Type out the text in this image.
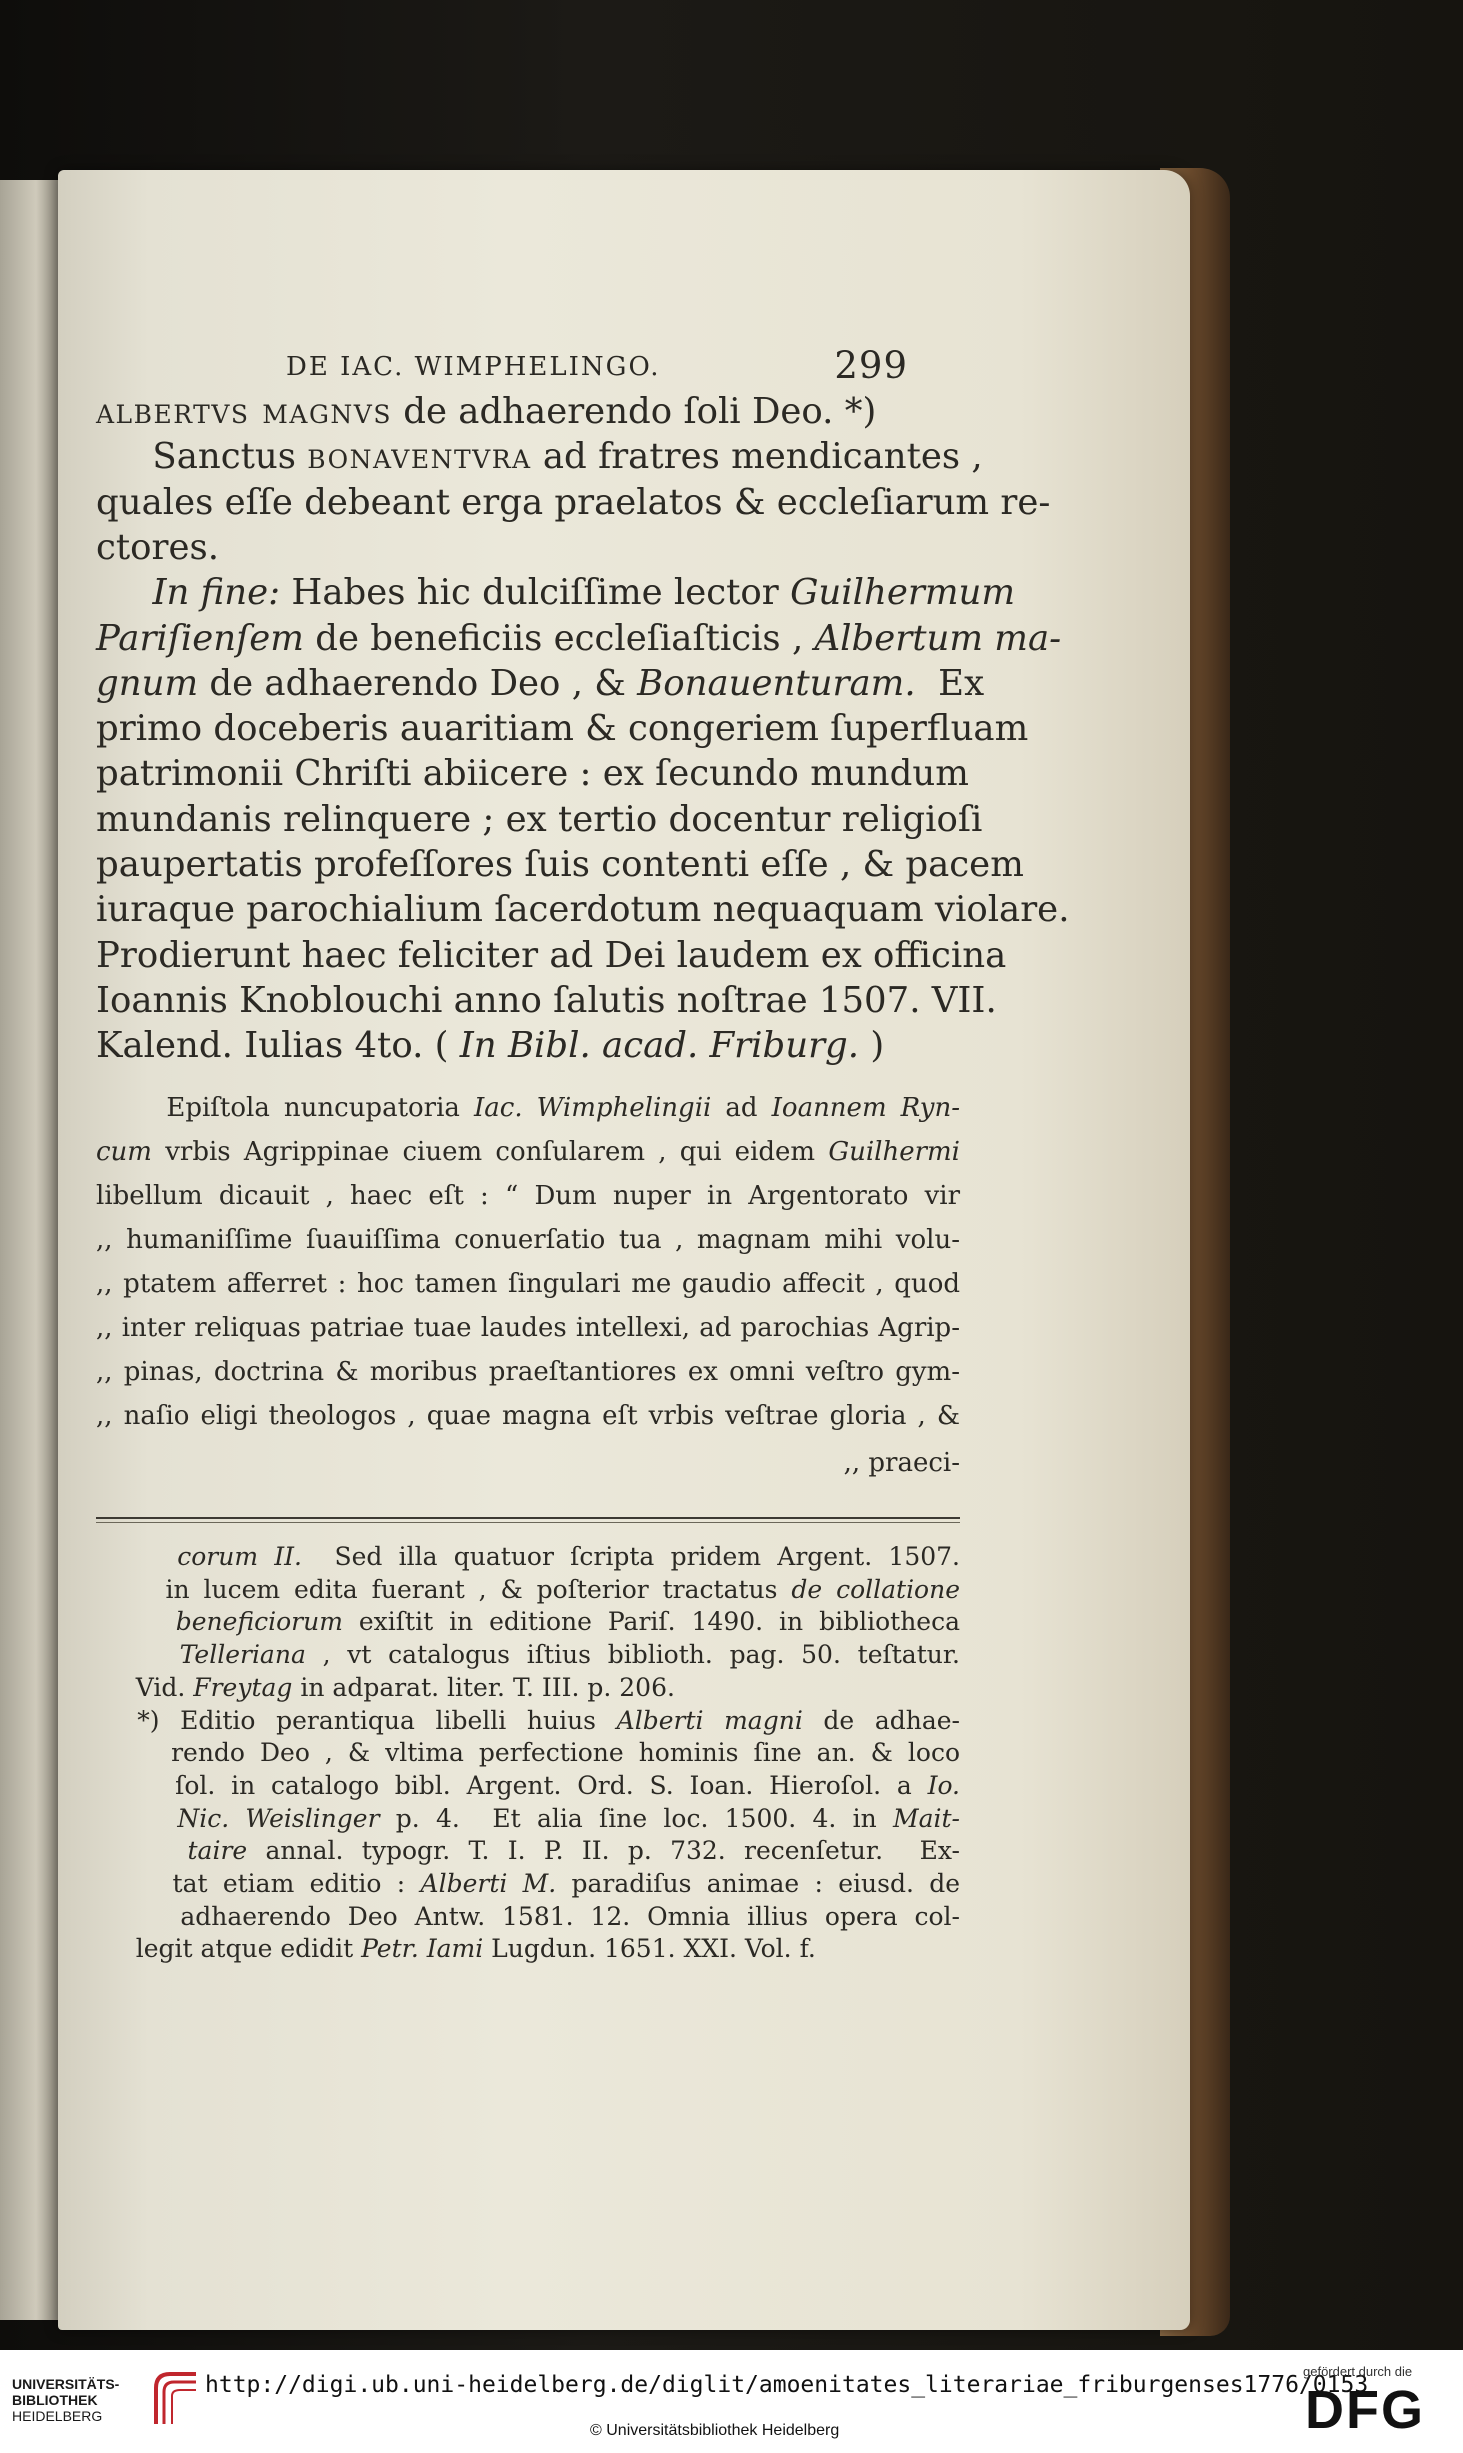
DE IAC. WIMPHELINGO.	299
albertvs magnvs de adhaerendo ſoli Deo. *)
Sanctus bonaventvra ad fratres mendicantes ,
quales eſſe debeant erga praelatos & eccleſiarum re-
ctores.
In fine: Habes hic dulciſſime lector Guilhermum
Pariſienſem de beneficiis eccleſiaſticis , Albertum ma-
gnum de adhaerendo Deo , & Bonauenturam.  Ex
primo doceberis auaritiam & congeriem ſuperfluam
patrimonii Chriſti abiicere : ex ſecundo mundum
mundanis relinquere ; ex tertio docentur religioſi
paupertatis profeſſores ſuis contenti eſſe , & pacem
iuraque parochialium ſacerdotum nequaquam violare.
Prodierunt haec feliciter ad Dei laudem ex officina
Ioannis Knoblouchi anno ſalutis noſtrae 1507. VII.
Kalend. Iulias 4to. ( In Bibl. acad. Friburg. )
Epiſtola nuncupatoria Iac. Wimphelingii ad Ioannem Ryn-
cum vrbis Agrippinae ciuem conſularem , qui eidem Guilhermi
libellum dicauit , haec eſt : “ Dum nuper in Argentorato vir
,, humaniſſime ſuauiſſima conuerſatio tua , magnam mihi volu-
,, ptatem afferret : hoc tamen ſingulari me gaudio affecit , quod
,, inter reliquas patriae tuae laudes intellexi, ad parochias Agrip-
,, pinas, doctrina & moribus praeſtantiores ex omni veſtro gym-
,, naſio eligi theologos , quae magna eſt vrbis veſtrae gloria , &
,, praeci-
corum II.  Sed illa quatuor ſcripta pridem Argent. 1507.
in lucem edita fuerant , & poſterior tractatus de collatione
beneficiorum exiſtit in editione Pariſ. 1490. in bibliotheca
Telleriana , vt catalogus iſtius biblioth. pag. 50. teſtatur.
Vid. Freytag in adparat. liter. T. III. p. 206.
*) Editio perantiqua libelli huius Alberti magni de adhae-
rendo Deo , & vltima perfectione hominis ſine an. & loco
ſol. in catalogo bibl. Argent. Ord. S. Ioan. Hieroſol. a Io.
Nic. Weislinger p. 4.  Et alia ſine loc. 1500. 4. in Mait-
taire annal. typogr. T. I. P. II. p. 732. recenſetur.  Ex-
tat etiam editio : Alberti M. paradiſus animae : eiusd. de
adhaerendo Deo Antw. 1581. 12. Omnia illius opera col-
legit atque edidit Petr. Iami Lugdun. 1651. XXI. Vol. f.
UNIVERSITÄTS-
BIBLIOTHEK
HEIDELBERG
http://digi.ub.uni-heidelberg.de/diglit/amoenitates_literariae_friburgenses1776/0153
© Universitätsbibliothek Heidelberg
gefördert durch die
DFG
